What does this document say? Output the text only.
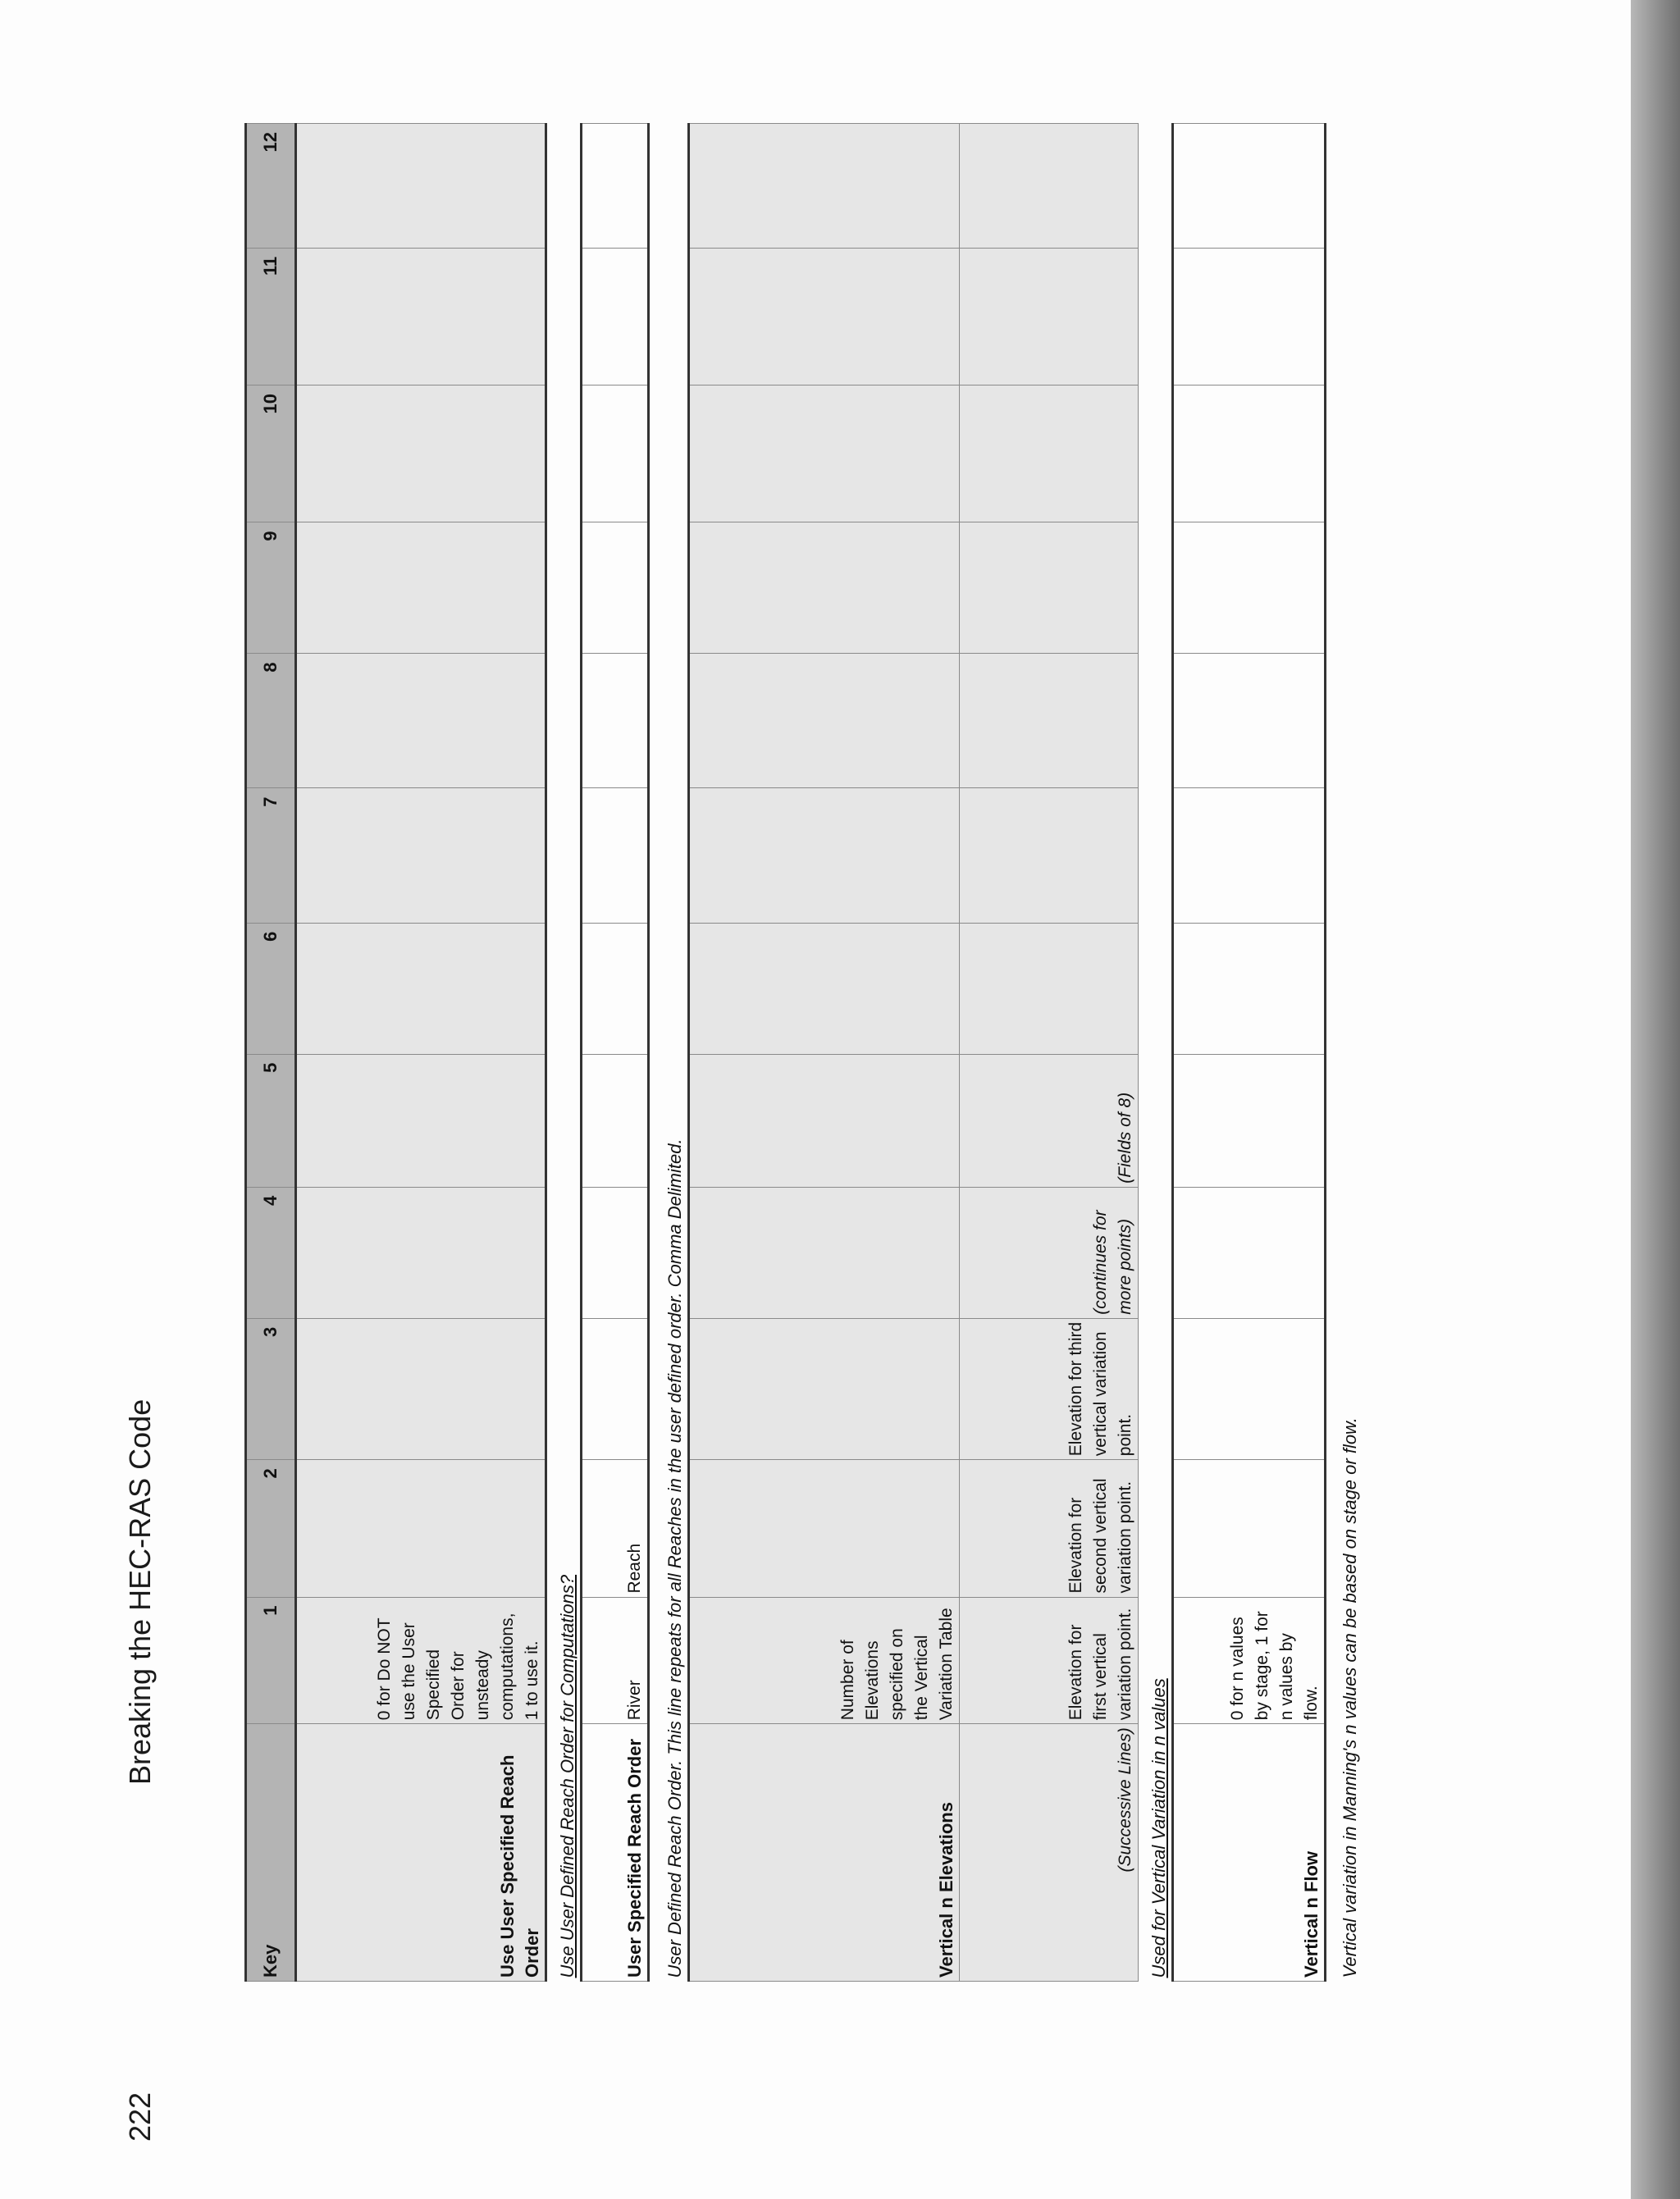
222
Breaking the HEC-RAS Code
Key	1	2	3	4	5	6	7	8	9	10	11	12
Use User Specified Reach Order	0 for Do NOT use the User Specified Order for unsteady computations, 1 to use it.											
Use User Defined Reach Order for Computations?												
User Specified Reach Order	River	Reach										
User Defined Reach Order. This line repeats for all Reaches in the user defined order. Comma Delimited.												
Vertical n Elevations	Number of Elevations specified on the Vertical Variation Table											
(Successive Lines)	Elevation for first vertical variation point.	Elevation for second vertical variation point.	Elevation for third vertical variation point.	(continues for more points)	(Fields of 8)							
Used for Vertical Variation in n values												
Vertical n Flow	0 for n values by stage, 1 for n values by flow.											
Vertical variation in Manning's n values can be based on stage or flow.												
